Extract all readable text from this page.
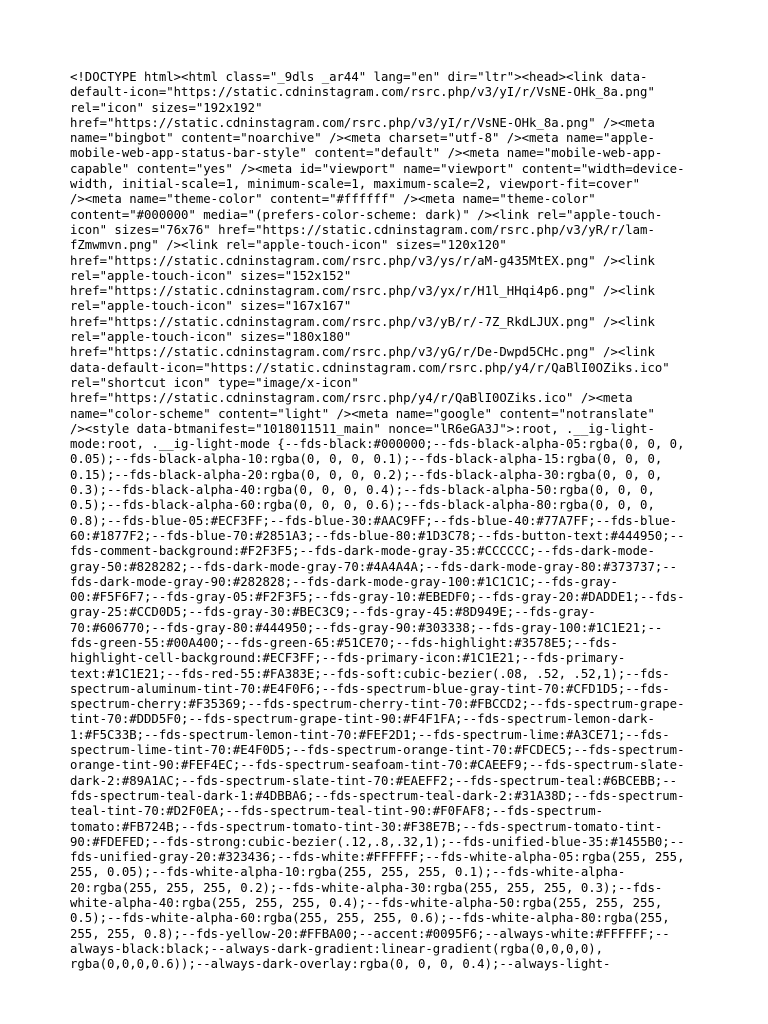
<!DOCTYPE html><html class="_9dls _ar44" lang="en" dir="ltr"><head><link data-
default-icon="https://static.cdninstagram.com/rsrc.php/v3/yI/r/VsNE-OHk_8a.png"
rel="icon" sizes="192x192"
href="https://static.cdninstagram.com/rsrc.php/v3/yI/r/VsNE-OHk_8a.png" /><meta
name="bingbot" content="noarchive" /><meta charset="utf-8" /><meta name="apple-
mobile-web-app-status-bar-style" content="default" /><meta name="mobile-web-app-
capable" content="yes" /><meta id="viewport" name="viewport" content="width=device-
width, initial-scale=1, minimum-scale=1, maximum-scale=2, viewport-fit=cover"
/><meta name="theme-color" content="#ffffff" /><meta name="theme-color"
content="#000000" media="(prefers-color-scheme: dark)" /><link rel="apple-touch-
icon" sizes="76x76" href="https://static.cdninstagram.com/rsrc.php/v3/yR/r/lam-
fZmwmvn.png" /><link rel="apple-touch-icon" sizes="120x120"
href="https://static.cdninstagram.com/rsrc.php/v3/ys/r/aM-g435MtEX.png" /><link
rel="apple-touch-icon" sizes="152x152"
href="https://static.cdninstagram.com/rsrc.php/v3/yx/r/H1l_HHqi4p6.png" /><link
rel="apple-touch-icon" sizes="167x167"
href="https://static.cdninstagram.com/rsrc.php/v3/yB/r/-7Z_RkdLJUX.png" /><link
rel="apple-touch-icon" sizes="180x180"
href="https://static.cdninstagram.com/rsrc.php/v3/yG/r/De-Dwpd5CHc.png" /><link
data-default-icon="https://static.cdninstagram.com/rsrc.php/y4/r/QaBlI0OZiks.ico"
rel="shortcut icon" type="image/x-icon"
href="https://static.cdninstagram.com/rsrc.php/y4/r/QaBlI0OZiks.ico" /><meta
name="color-scheme" content="light" /><meta name="google" content="notranslate"
/><style data-btmanifest="1018011511_main" nonce="lR6eGA3J">:root, .__ig-light-
mode:root, .__ig-light-mode {--fds-black:#000000;--fds-black-alpha-05:rgba(0, 0, 0,
0.05);--fds-black-alpha-10:rgba(0, 0, 0, 0.1);--fds-black-alpha-15:rgba(0, 0, 0,
0.15);--fds-black-alpha-20:rgba(0, 0, 0, 0.2);--fds-black-alpha-30:rgba(0, 0, 0,
0.3);--fds-black-alpha-40:rgba(0, 0, 0, 0.4);--fds-black-alpha-50:rgba(0, 0, 0,
0.5);--fds-black-alpha-60:rgba(0, 0, 0, 0.6);--fds-black-alpha-80:rgba(0, 0, 0,
0.8);--fds-blue-05:#ECF3FF;--fds-blue-30:#AAC9FF;--fds-blue-40:#77A7FF;--fds-blue-
60:#1877F2;--fds-blue-70:#2851A3;--fds-blue-80:#1D3C78;--fds-button-text:#444950;--
fds-comment-background:#F2F3F5;--fds-dark-mode-gray-35:#CCCCCC;--fds-dark-mode-
gray-50:#828282;--fds-dark-mode-gray-70:#4A4A4A;--fds-dark-mode-gray-80:#373737;--
fds-dark-mode-gray-90:#282828;--fds-dark-mode-gray-100:#1C1C1C;--fds-gray-
00:#F5F6F7;--fds-gray-05:#F2F3F5;--fds-gray-10:#EBEDF0;--fds-gray-20:#DADDE1;--fds-
gray-25:#CCD0D5;--fds-gray-30:#BEC3C9;--fds-gray-45:#8D949E;--fds-gray-
70:#606770;--fds-gray-80:#444950;--fds-gray-90:#303338;--fds-gray-100:#1C1E21;--
fds-green-55:#00A400;--fds-green-65:#51CE70;--fds-highlight:#3578E5;--fds-
highlight-cell-background:#ECF3FF;--fds-primary-icon:#1C1E21;--fds-primary-
text:#1C1E21;--fds-red-55:#FA383E;--fds-soft:cubic-bezier(.08, .52, .52,1);--fds-
spectrum-aluminum-tint-70:#E4F0F6;--fds-spectrum-blue-gray-tint-70:#CFD1D5;--fds-
spectrum-cherry:#F35369;--fds-spectrum-cherry-tint-70:#FBCCD2;--fds-spectrum-grape-
tint-70:#DDD5F0;--fds-spectrum-grape-tint-90:#F4F1FA;--fds-spectrum-lemon-dark-
1:#F5C33B;--fds-spectrum-lemon-tint-70:#FEF2D1;--fds-spectrum-lime:#A3CE71;--fds-
spectrum-lime-tint-70:#E4F0D5;--fds-spectrum-orange-tint-70:#FCDEC5;--fds-spectrum-
orange-tint-90:#FEF4EC;--fds-spectrum-seafoam-tint-70:#CAEEF9;--fds-spectrum-slate-
dark-2:#89A1AC;--fds-spectrum-slate-tint-70:#EAEFF2;--fds-spectrum-teal:#6BCEBB;--
fds-spectrum-teal-dark-1:#4DBBA6;--fds-spectrum-teal-dark-2:#31A38D;--fds-spectrum-
teal-tint-70:#D2F0EA;--fds-spectrum-teal-tint-90:#F0FAF8;--fds-spectrum-
tomato:#FB724B;--fds-spectrum-tomato-tint-30:#F38E7B;--fds-spectrum-tomato-tint-
90:#FDEFED;--fds-strong:cubic-bezier(.12,.8,.32,1);--fds-unified-blue-35:#1455B0;--
fds-unified-gray-20:#323436;--fds-white:#FFFFFF;--fds-white-alpha-05:rgba(255, 255,
255, 0.05);--fds-white-alpha-10:rgba(255, 255, 255, 0.1);--fds-white-alpha-
20:rgba(255, 255, 255, 0.2);--fds-white-alpha-30:rgba(255, 255, 255, 0.3);--fds-
white-alpha-40:rgba(255, 255, 255, 0.4);--fds-white-alpha-50:rgba(255, 255, 255,
0.5);--fds-white-alpha-60:rgba(255, 255, 255, 0.6);--fds-white-alpha-80:rgba(255,
255, 255, 0.8);--fds-yellow-20:#FFBA00;--accent:#0095F6;--always-white:#FFFFFF;--
always-black:black;--always-dark-gradient:linear-gradient(rgba(0,0,0,0),
rgba(0,0,0,0.6));--always-dark-overlay:rgba(0, 0, 0, 0.4);--always-light-
